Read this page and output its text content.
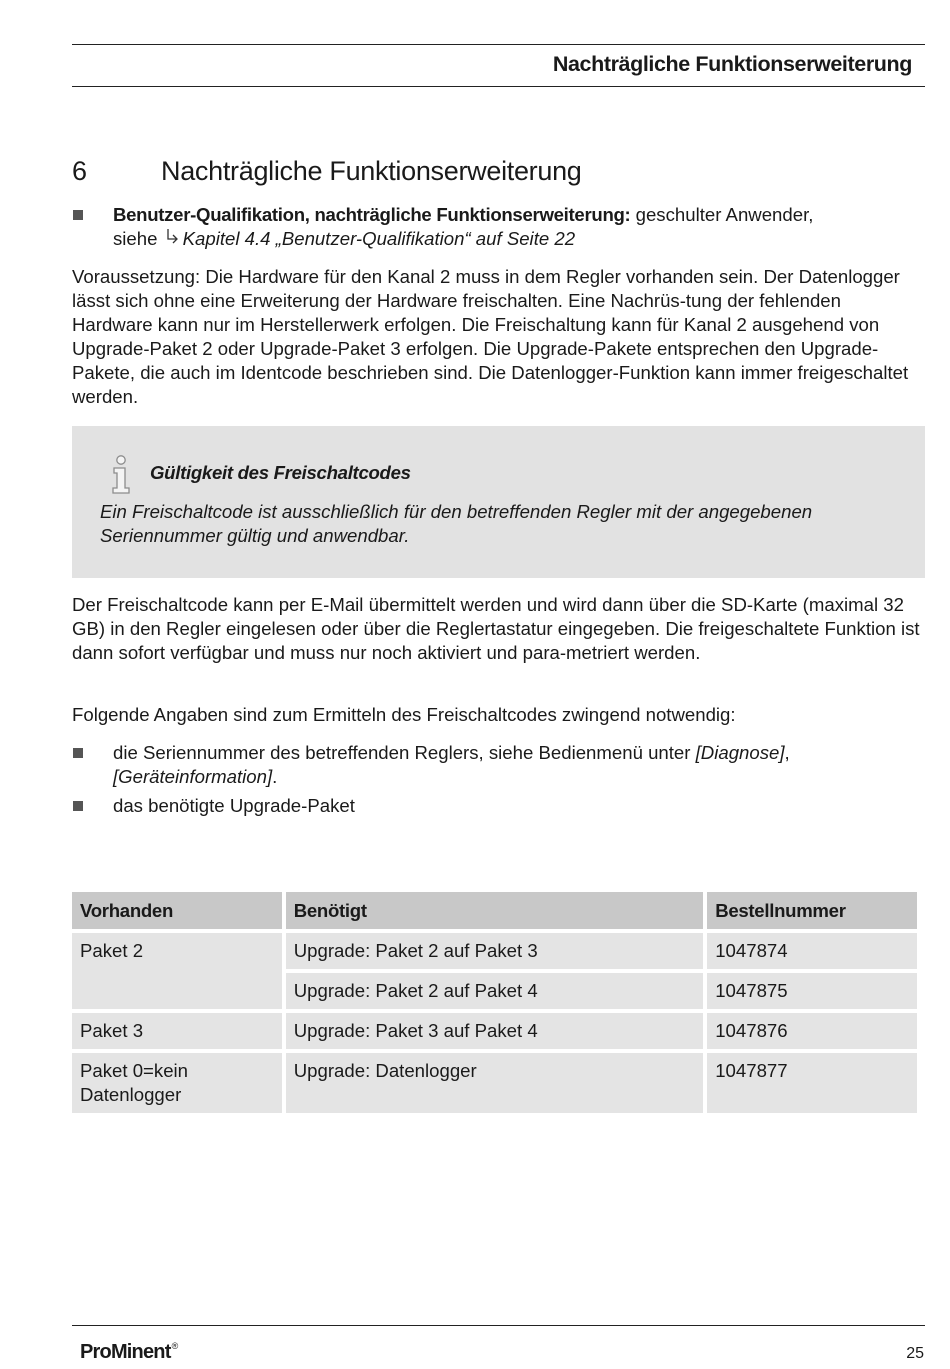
Nachträgliche Funktionserweiterung
6	Nachträgliche Funktionserweiterung
Benutzer-Qualifikation, nachträgliche Funktionserweiterung: geschulter Anwender,
siehe Kapitel 4.4 „Benutzer-Qualifikation“ auf Seite 22
Voraussetzung: Die Hardware für den Kanal 2 muss in dem Regler vorhanden sein. Der Datenlogger lässt sich ohne eine Erweiterung der Hardware freischalten. Eine Nachrüs-tung der fehlenden Hardware kann nur im Herstellerwerk erfolgen. Die Freischaltung kann für Kanal 2 ausgehend von Upgrade-Paket 2 oder Upgrade-Paket 3 erfolgen. Die Upgrade-Pakete entsprechen den Upgrade-Pakete, die auch im Identcode beschrieben sind. Die Datenlogger-Funktion kann immer freigeschaltet werden.
Gültigkeit des Freischaltcodes
Ein Freischaltcode ist ausschließlich für den betreffenden Regler mit der angegebenen Seriennummer gültig und anwendbar.
Der Freischaltcode kann per E-Mail übermittelt werden und wird dann über die SD-Karte (maximal 32 GB) in den Regler eingelesen oder über die Reglertastatur eingegeben. Die freigeschaltete Funktion ist dann sofort verfügbar und muss nur noch aktiviert und para-metriert werden.
Folgende Angaben sind zum Ermitteln des Freischaltcodes zwingend notwendig:
die Seriennummer des betreffenden Reglers, siehe Bedienmenü unter [Diagnose],
[Geräteinformation].
das benötigte Upgrade-Paket
Vorhanden	Benötigt	Bestellnummer
Paket 2	Upgrade: Paket 2 auf Paket 3	1047874
	Upgrade: Paket 2 auf Paket 4	1047875
Paket 3	Upgrade: Paket 3 auf Paket 4	1047876
Paket 0=kein Datenlogger	Upgrade: Datenlogger	1047877
ProMinent®	25
